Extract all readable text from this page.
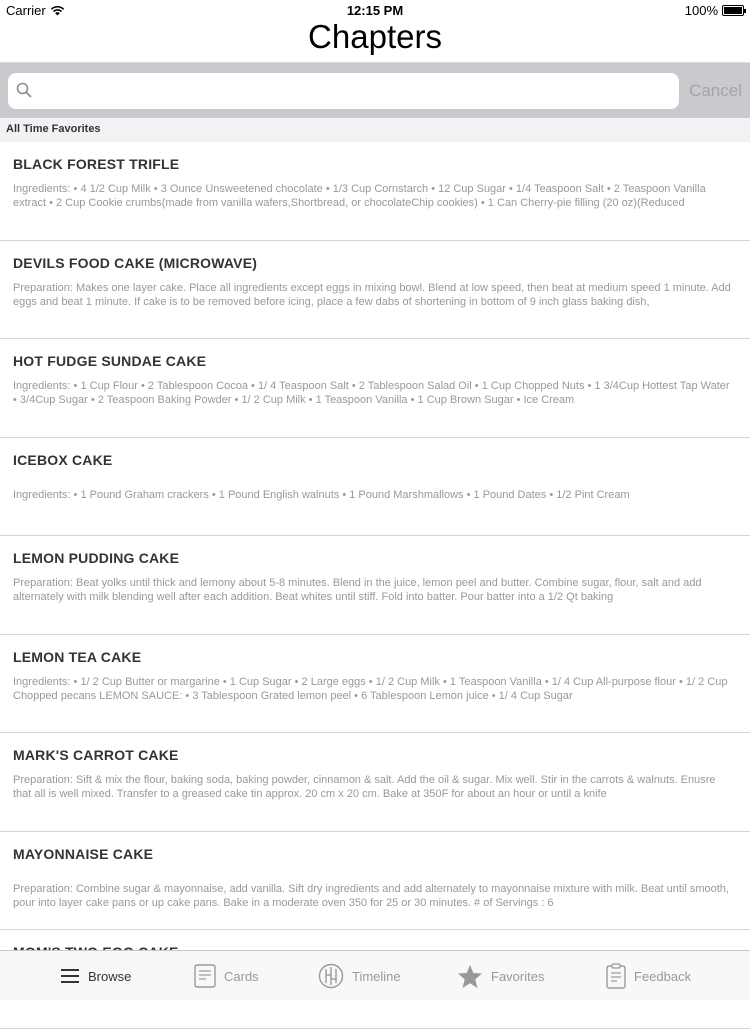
Carrier	12:15 PM	100%
Chapters
Cancel
All Time Favorites
BLACK FOREST TRIFLE
Ingredients: • 4 1/2 Cup Milk • 3 Ounce Unsweetened chocolate • 1/3 Cup Cornstarch • 12 Cup Sugar • 1/4 Teaspoon Salt • 2 Teaspoon Vanilla extract • 2 Cup Cookie crumbs(made from vanilla wafers,Shortbread, or chocolateChip cookies) • 1 Can Cherry-pie filling (20 oz)(Reduced
DEVILS FOOD CAKE (MICROWAVE)
Preparation: Makes one layer cake. Place all ingredients except eggs in mixing bowl. Blend at low speed, then beat at medium speed 1 minute. Add eggs and beat 1 minute. If cake is to be removed before icing, place a few dabs of shortening in bottom of 9 inch glass baking dish,
HOT FUDGE SUNDAE CAKE
Ingredients: • 1 Cup Flour • 2 Tablespoon Cocoa • 1/ 4 Teaspoon Salt • 2 Tablespoon Salad Oil • 1 Cup Chopped Nuts • 1 3/4Cup Hottest Tap Water • 3/4Cup Sugar • 2 Teaspoon Baking Powder • 1/ 2 Cup Milk • 1 Teaspoon Vanilla • 1 Cup Brown Sugar • Ice Cream
ICEBOX CAKE
Ingredients: • 1 Pound Graham crackers • 1 Pound English walnuts • 1 Pound Marshmallows • 1 Pound Dates • 1/2 Pint Cream
LEMON PUDDING CAKE
Preparation: Beat yolks until thick and lemony about 5-8 minutes. Blend in the juice, lemon peel and butter. Combine sugar, flour, salt and add alternately with milk blending well after each addition. Beat whites until stiff. Fold into batter. Pour batter into a 1/2 Qt baking
LEMON TEA CAKE
Ingredients: • 1/ 2 Cup Butter or margarine • 1 Cup Sugar • 2 Large eggs • 1/ 2 Cup Milk • 1 Teaspoon Vanilla • 1/ 4 Cup All-purpose flour • 1/ 2 Cup Chopped pecans LEMON SAUCE: • 3 Tablespoon Grated lemon peel • 6 Tablespoon Lemon juice • 1/ 4 Cup Sugar
MARK'S CARROT CAKE
Preparation: Sift & mix the flour, baking soda, baking powder, cinnamon & salt. Add the oil & sugar. Mix well. Stir in the carrots & walnuts. Enusre that all is well mixed. Transfer to a greased cake tin approx. 20 cm x 20 cm. Bake at 350F for about an hour or until a knife
MAYONNAISE CAKE
Preparation: Combine sugar & mayonnaise, add vanilla. Sift dry ingredients and add alternately to mayonnaise mixture with milk. Beat until smooth, pour into layer cake pans or up cake pans. Bake in a moderate oven 350 for 25 or 30 minutes. # of Servings : 6
Browse	Cards	Timeline	Favorites	Feedback
